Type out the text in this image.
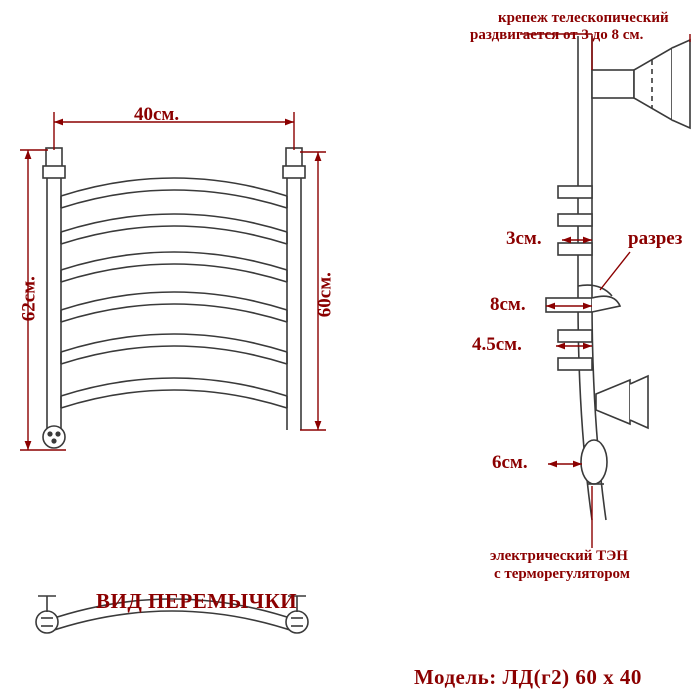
40см.
62см.	60см.
ВИД ПЕРЕМЫЧКИ
крепеж телескопический
раздвигается от 3 до 8 см.
3см.	разрез
8см.
4.5см.
6см.
электрический ТЭН
с терморегулятором
Модель: ЛД(г2) 60 х 40
